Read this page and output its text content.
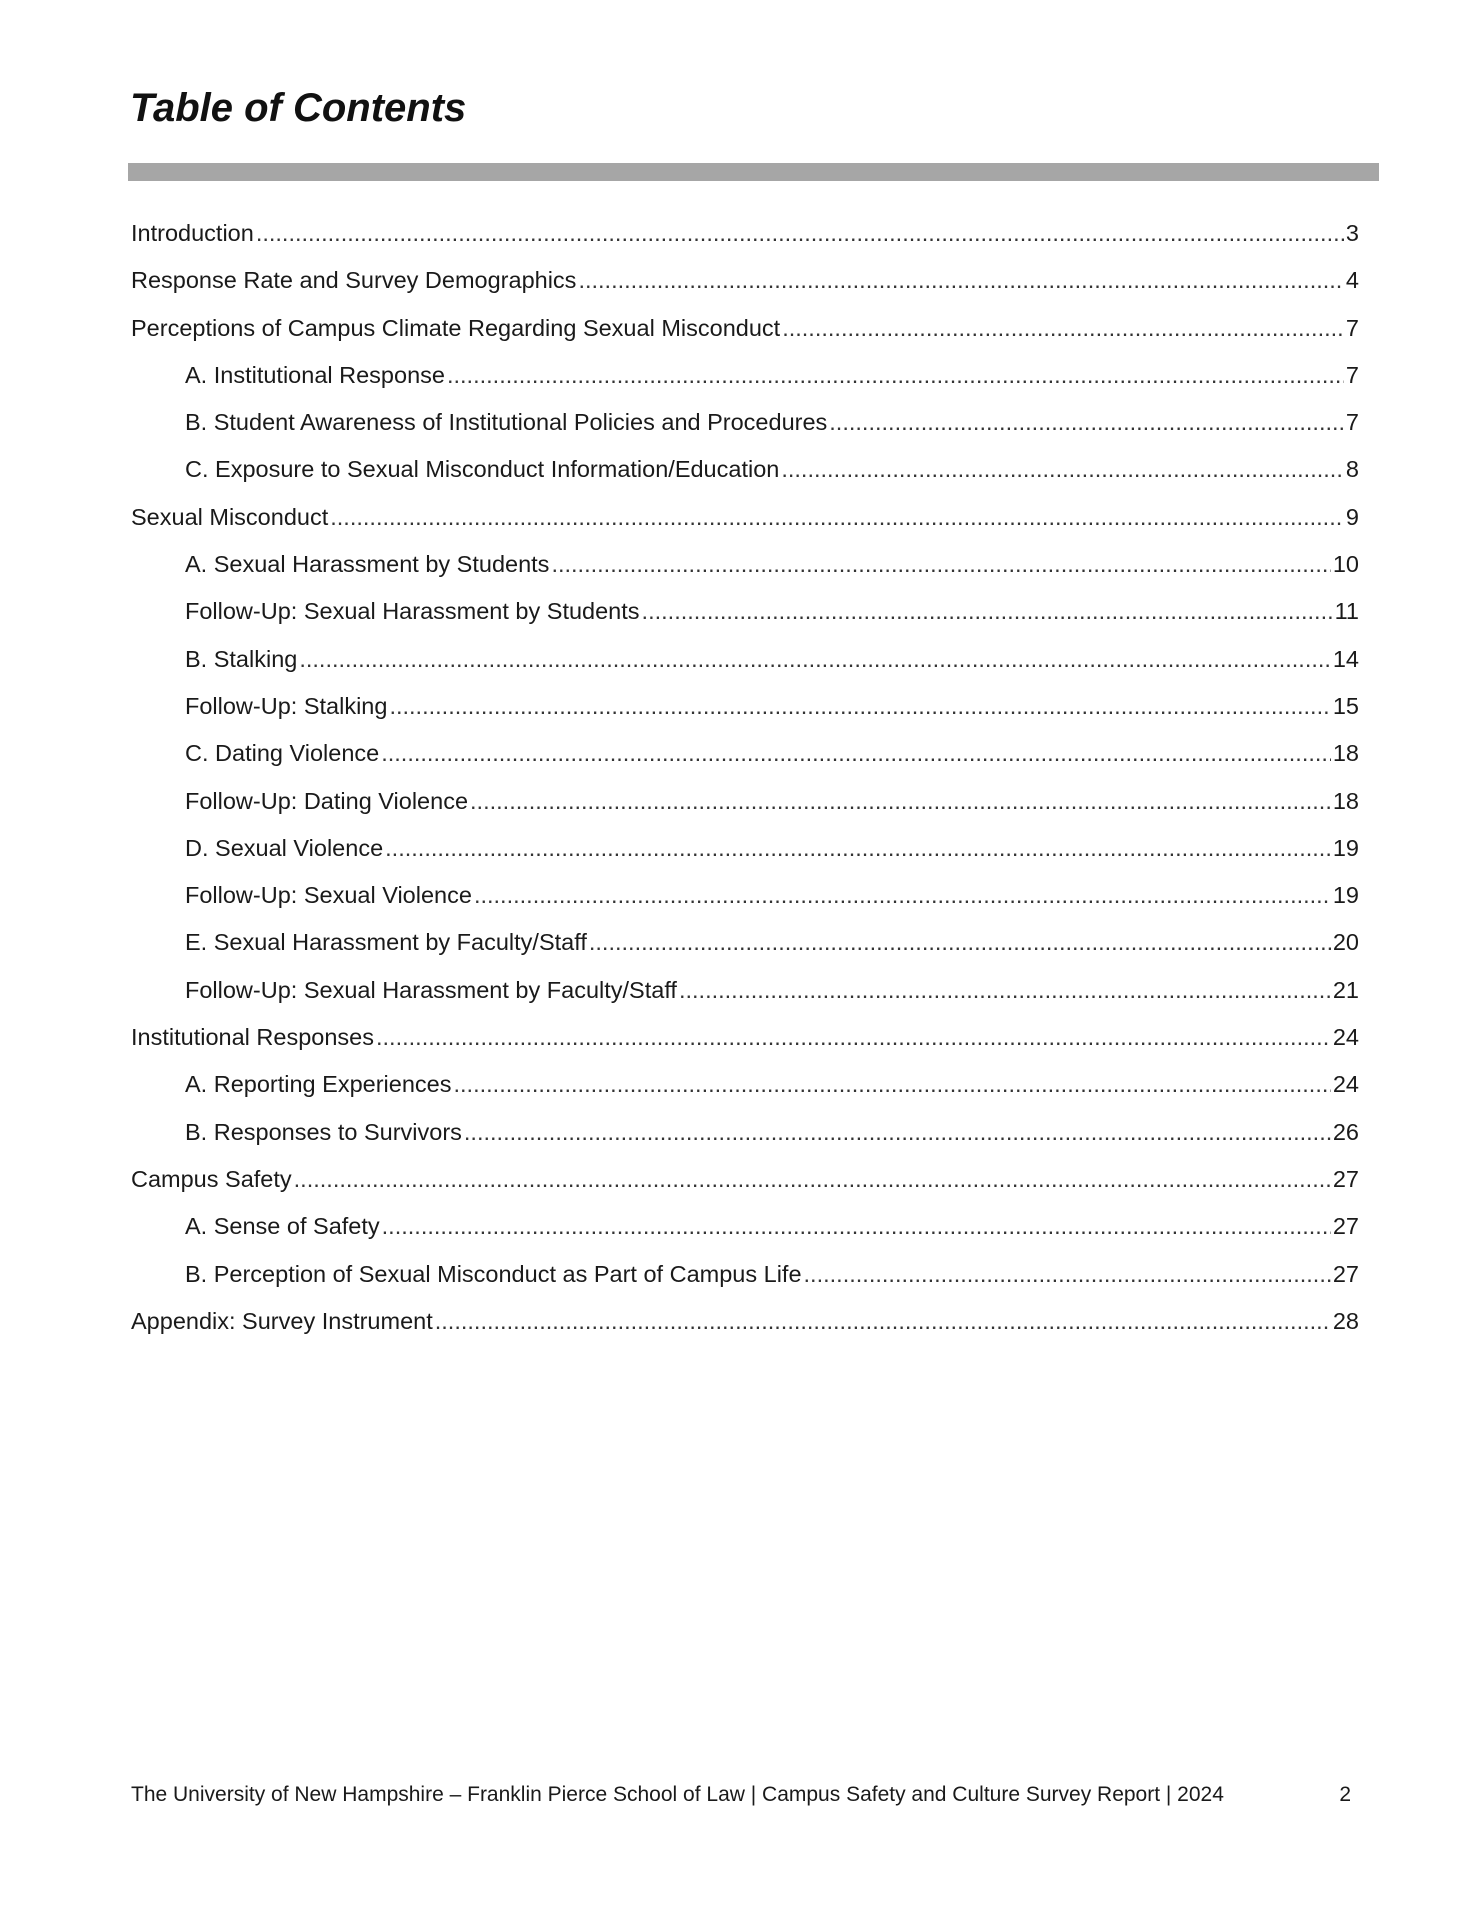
Table of Contents
Introduction .....	3
Response Rate and Survey Demographics .....	4
Perceptions of Campus Climate Regarding Sexual Misconduct .....	7
A. Institutional Response .....	7
B. Student Awareness of Institutional Policies and Procedures .....	7
C. Exposure to Sexual Misconduct Information/Education .....	8
Sexual Misconduct .....	9
A. Sexual Harassment by Students .....	10
Follow-Up: Sexual Harassment by Students .....	11
B. Stalking .....	14
Follow-Up: Stalking .....	15
C. Dating Violence .....	18
Follow-Up: Dating Violence .....	18
D. Sexual Violence .....	19
Follow-Up: Sexual Violence .....	19
E. Sexual Harassment by Faculty/Staff .....	20
Follow-Up: Sexual Harassment by Faculty/Staff .....	21
Institutional Responses .....	24
A. Reporting Experiences .....	24
B. Responses to Survivors .....	26
Campus Safety .....	27
A. Sense of Safety .....	27
B. Perception of Sexual Misconduct as Part of Campus Life .....	27
Appendix: Survey Instrument .....	28
The University of New Hampshire – Franklin Pierce School of Law | Campus Safety and Culture Survey Report | 2024	2
